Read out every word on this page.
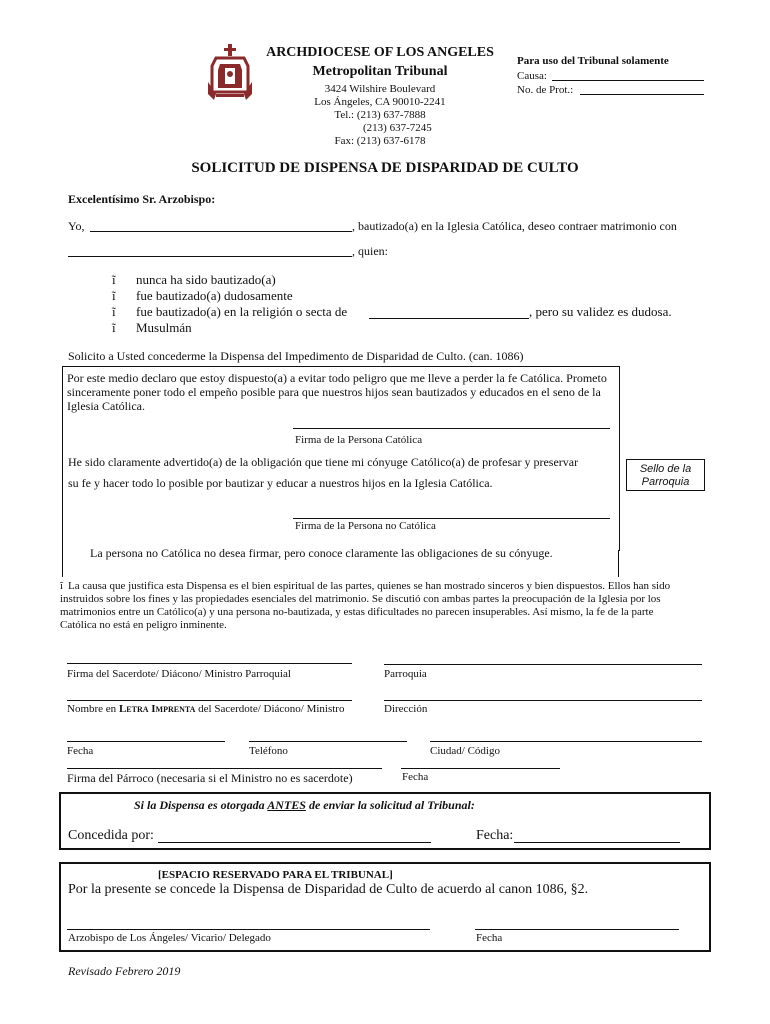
ARCHDIOCESE OF LOS ANGELES
Metropolitan Tribunal
3424 Wilshire Boulevard
Los Ángeles, CA 90010-2241
Tel.: (213) 637-7888
(213) 637-7245
Fax: (213) 637-6178
Para uso del Tribunal solamente
Causa:
No. de Prot.:
SOLICITUD DE DISPENSA DE DISPARIDAD DE CULTO
Excelentísimo Sr. Arzobispo:
Yo,	, bautizado(a) en la Iglesia Católica, deseo contraer matrimonio con
, quien:
ĩ nunca ha sido bautizado(a)
ĩ fue bautizado(a) dudosamente
ĩ fue bautizado(a) en la religión o secta de	, pero su validez es dudosa.
ĩ Musulmán
Solicito a Usted concederme la Dispensa del Impedimento de Disparidad de Culto. (can. 1086)
Por este medio declaro que estoy dispuesto(a) a evitar todo peligro que me lleve a perder la fe Católica. Prometo sinceramente poner todo el empeño posible para que nuestros hijos sean bautizados y educados en el seno de la Iglesia Católica.
Firma de la Persona Católica
He sido claramente advertido(a) de la obligación que tiene mi cónyuge Católico(a) de profesar y preservar
su fe y hacer todo lo posible por bautizar y educar a nuestros hijos en la Iglesia Católica.
Firma de la Persona no Católica
La persona no Católica no desea firmar, pero conoce claramente las obligaciones de su cónyuge.
Sello de la
Parroquia
ĩ La causa que justifica esta Dispensa es el bien espiritual de las partes, quienes se han mostrado sinceros y bien dispuestos. Ellos han sido instruidos sobre los fines y las propiedades esenciales del matrimonio. Se discutió con ambas partes la preocupación de la Iglesia por los matrimonios entre un Católico(a) y una persona no-bautizada, y estas dificultades no parecen insuperables. Así mismo, la fe de la parte Católica no está en peligro inminente.
Firma del Sacerdote/ Diácono/ Ministro Parroquial	Parroquia
Nombre en Letra Imprenta del Sacerdote/ Diácono/ Ministro	Dirección
Fecha	Teléfono	Ciudad/ Código
Firma del Párroco (necesaria si el Ministro no es sacerdote)	Fecha
Si la Dispensa es otorgada ANTES de enviar la solicitud al Tribunal:
Concedida por:	Fecha:
[ESPACIO RESERVADO PARA EL TRIBUNAL]
Por la presente se concede la Dispensa de Disparidad de Culto de acuerdo al canon 1086, §2.
Arzobispo de Los Ángeles/ Vicario/ Delegado	Fecha
Revisado Febrero 2019
